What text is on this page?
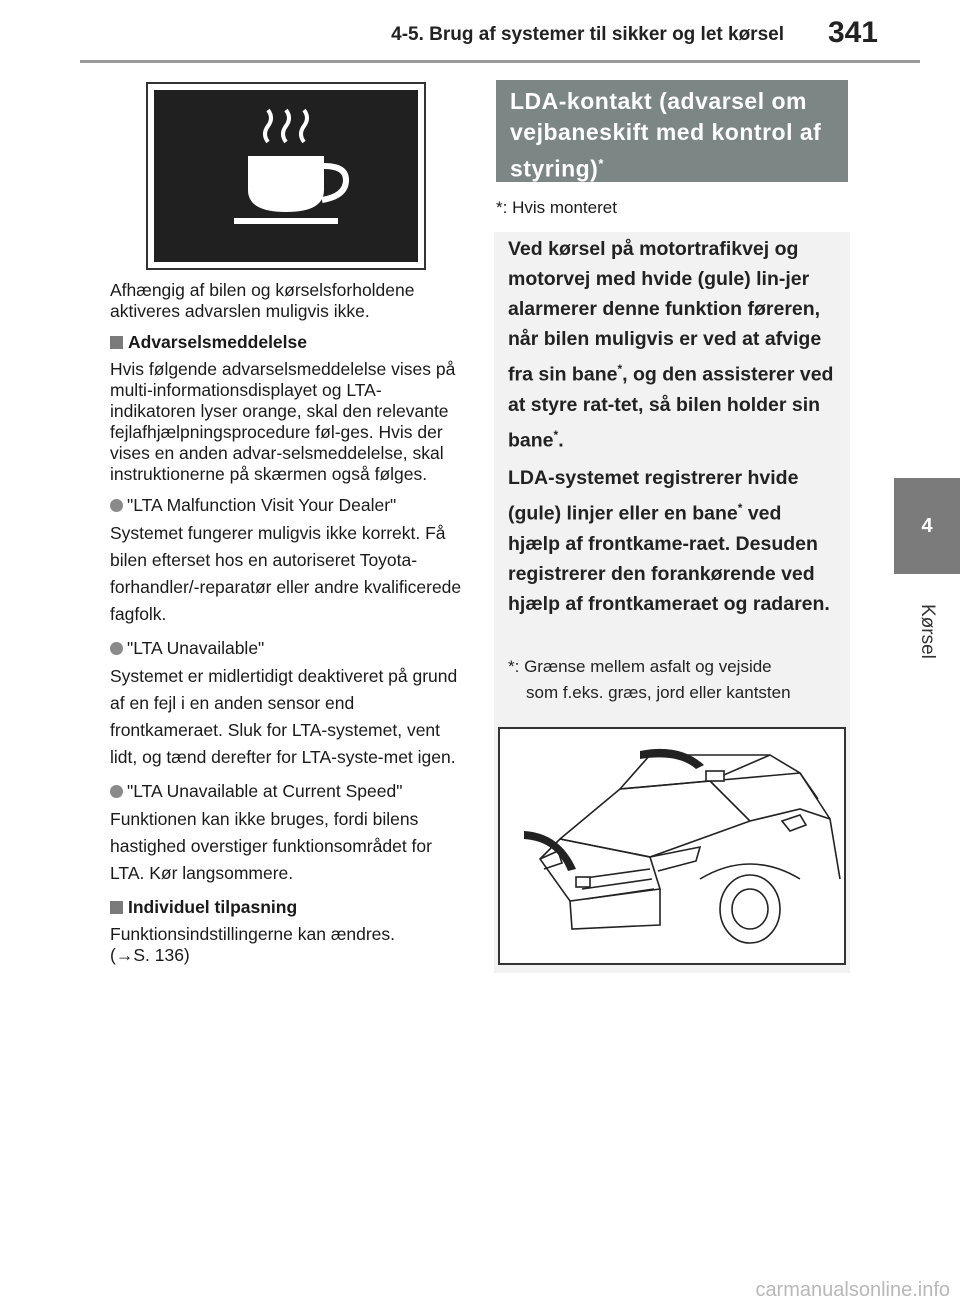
4-5. Brug af systemer til sikker og let kørsel 341
4
Kørsel

Afhængig af bilen og kørselsforholdene aktiveres advarslen muligvis ikke.

Advarselsmeddelelse

Hvis følgende advarselsmeddelelse vises på multi-informationsdisplayet og LTA-indikatoren lyser orange, skal den relevante fejlafhjælpningsprocedure føl-ges. Hvis der vises en anden advar-selsmeddelelse, skal instruktionerne på skærmen også følges.

"LTA Malfunction Visit Your Dealer"

Systemet fungerer muligvis ikke korrekt. Få bilen efterset hos en autoriseret Toyota-forhandler/-reparatør eller andre kvalificerede fagfolk.

"LTA Unavailable"

Systemet er midlertidigt deaktiveret på grund af en fejl i en anden sensor end frontkameraet. Sluk for LTA-systemet, vent lidt, og tænd derefter for LTA-syste-met igen.

"LTA Unavailable at Current Speed"

Funktionen kan ikke bruges, fordi bilens hastighed overstiger funktionsområdet for LTA. Kør langsommere.

Individuel tilpasning

Funktionsindstillingerne kan ændres.
(→S. 136)

LDA-kontakt (advarsel om vejbaneskift med kontrol af styring)*
*: Hvis monteret

Ved kørsel på motortrafikvej og motorvej med hvide (gule) lin-jer alarmerer denne funktion føreren, når bilen muligvis er ved at afvige fra sin bane*, og den assisterer ved at styre rat-tet, så bilen holder sin bane*.

LDA-systemet registrerer hvide (gule) linjer eller en bane* ved hjælp af frontkame-raet. Desuden registrerer den forankørende ved hjælp af frontkameraet og radaren.

*: Grænse mellem asfalt og vejside
som f.eks. græs, jord eller kantsten
carmanualsonline.info
